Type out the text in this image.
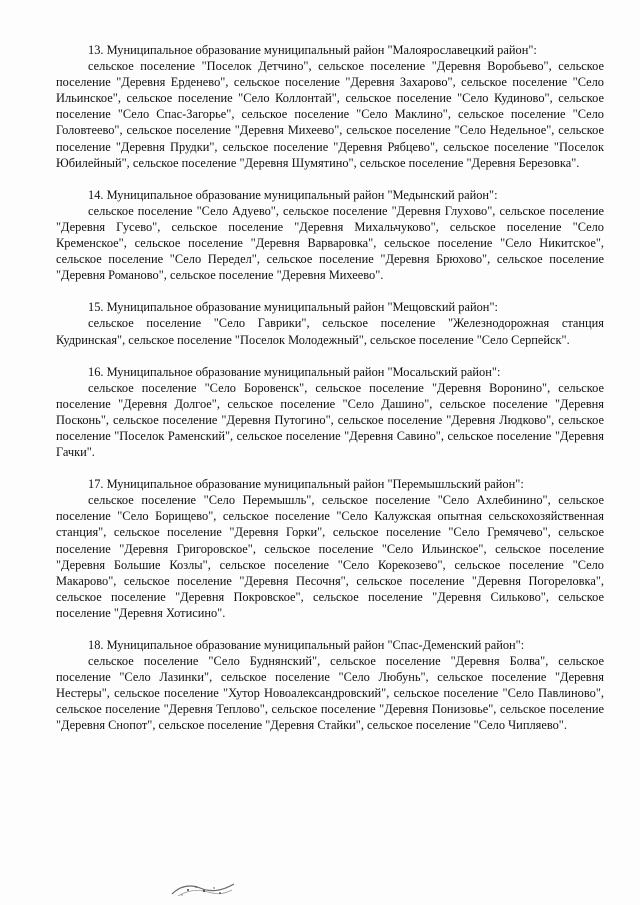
13. Муниципальное образование муниципальный район "Малоярославецкий район":

сельское поселение "Поселок Детчино", сельское поселение "Деревня Воробьево", сельское поселение "Деревня Ерденево", сельское поселение "Деревня Захарово", сельское поселение "Село Ильинское", сельское поселение "Село Коллонтай", сельское поселение "Село Кудиново", сельское поселение "Село Спас-Загорье", сельское поселение "Село Маклино", сельское поселение "Село Головтеево", сельское поселение "Деревня Михеево", сельское поселение "Село Недельное", сельское поселение "Деревня Прудки", сельское поселение "Деревня Рябцево", сельское поселение "Поселок Юбилейный", сельское поселение "Деревня Шумятино", сельское поселение "Деревня Березовка".

14. Муниципальное образование муниципальный район "Медынский район":

сельское поселение "Село Адуево", сельское поселение "Деревня Глухово", сельское поселение "Деревня Гусево", сельское поселение "Деревня Михальчуково", сельское поселение "Село Кременское", сельское поселение "Деревня Варваровка", сельское поселение "Село Никитское", сельское поселение "Село Передел", сельское поселение "Деревня Брюхово", сельское поселение "Деревня Романово", сельское поселение "Деревня Михеево".

15. Муниципальное образование муниципальный район "Мещовский район":

сельское поселение "Село Гаврики", сельское поселение "Железнодорожная станция Кудринская", сельское поселение "Поселок Молодежный", сельское поселение "Село Серпейск".

16. Муниципальное образование муниципальный район "Мосальский район":

сельское поселение "Село Боровенск", сельское поселение "Деревня Воронино", сельское поселение "Деревня Долгое", сельское поселение "Село Дашино", сельское поселение "Деревня Посконь", сельское поселение "Деревня Путогино", сельское поселение "Деревня Людково", сельское поселение "Поселок Раменский", сельское поселение "Деревня Савино", сельское поселение "Деревня Гачки".

17. Муниципальное образование муниципальный район "Перемышльский район":

сельское поселение "Село Перемышль", сельское поселение "Село Ахлебинино", сельское поселение "Село Борищево", сельское поселение "Село Калужская опытная сельскохозяйственная станция", сельское поселение "Деревня Горки", сельское поселение "Село Гремячево", сельское поселение "Деревня Григоровское", сельское поселение "Село Ильинское", сельское поселение "Деревня Большие Козлы", сельское поселение "Село Корекозево", сельское поселение "Село Макарово", сельское поселение "Деревня Песочня", сельское поселение "Деревня Погореловка", сельское поселение "Деревня Покровское", сельское поселение "Деревня Сильково", сельское поселение "Деревня Хотисино".

18. Муниципальное образование муниципальный район "Спас-Деменский район":

сельское поселение "Село Буднянский", сельское поселение "Деревня Болва", сельское поселение "Село Лазинки", сельское поселение "Село Любунь", сельское поселение "Деревня Нестеры", сельское поселение "Хутор Новоалександровский", сельское поселение "Село Павлиново", сельское поселение "Деревня Теплово", сельское поселение "Деревня Понизовье", сельское поселение "Деревня Снопот", сельское поселение "Деревня Стайки", сельское поселение "Село Чипляево".
